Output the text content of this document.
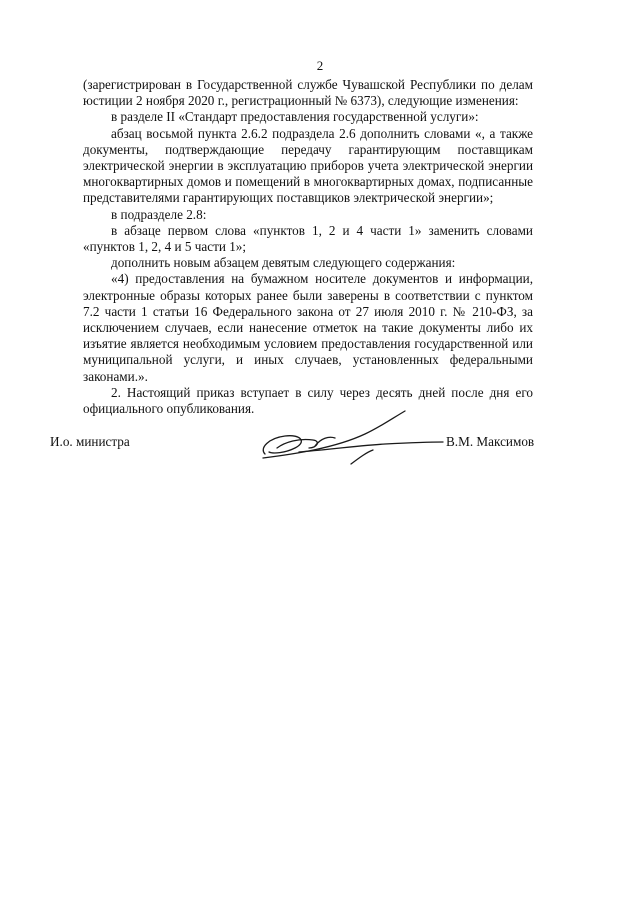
2

(зарегистрирован в Государственной службе Чувашской Республики по делам юстиции 2 ноября 2020 г., регистрационный № 6373), следующие изменения:

в разделе II «Стандарт предоставления государственной услуги»:

абзац восьмой пункта 2.6.2 подраздела 2.6 дополнить словами «, а также документы, подтверждающие передачу гарантирующим поставщикам электрической энергии в эксплуатацию приборов учета электрической энергии многоквартирных домов и помещений в многоквартирных домах, подписанные представителями гарантирующих поставщиков электрической энергии»;

в подразделе 2.8:

в абзаце первом слова «пунктов 1, 2 и 4 части 1» заменить словами «пунктов 1, 2, 4 и 5 части 1»;

дополнить новым абзацем девятым следующего содержания:

«4) предоставления на бумажном носителе документов и информации, электронные образы которых ранее были заверены в соответствии с пунктом 7.2 части 1 статьи 16 Федерального закона от 27 июля 2010 г. № 210-ФЗ, за исключением случаев, если нанесение отметок на такие документы либо их изъятие является необходимым условием предоставления государственной или муниципальной услуги, и иных случаев, установленных федеральными законами.».

2. Настоящий приказ вступает в силу через десять дней после дня его официального опубликования.

И.о. министра	В.М. Максимов
